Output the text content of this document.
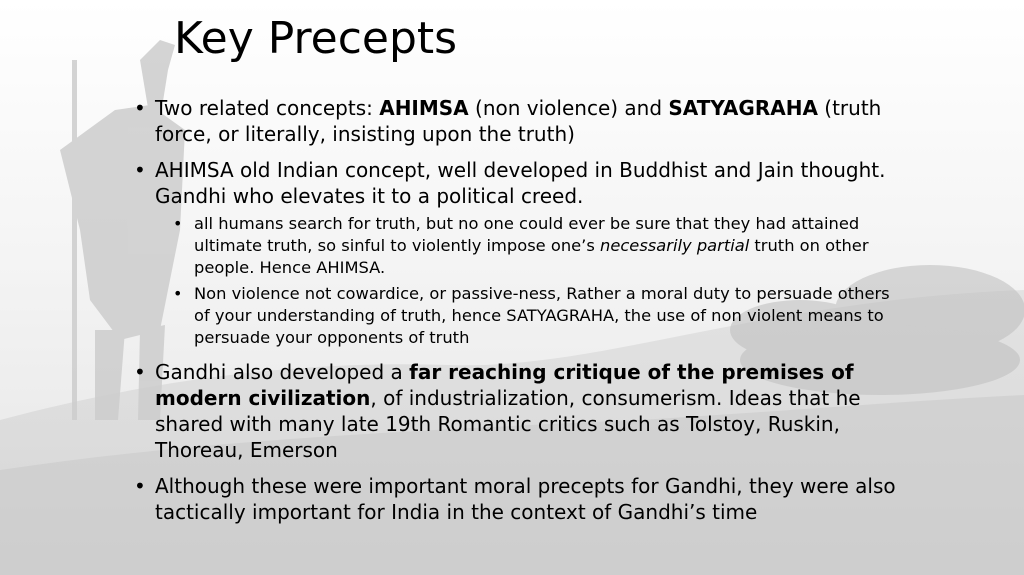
Key Precepts
• Two related concepts: AHIMSA (non violence) and SATYAGRAHA (truth force, or literally, insisting upon the truth)
• AHIMSA old Indian concept, well developed in Buddhist and Jain thought. Gandhi who elevates it to a political creed.
• all humans search for truth, but no one could ever be sure that they had attained ultimate truth, so sinful to violently impose one’s necessarily partial truth on other people. Hence AHIMSA.
• Non violence not cowardice, or passive-ness, Rather a moral duty to persuade others of your understanding of truth, hence SATYAGRAHA, the use of non violent means to persuade your opponents of truth
• Gandhi also developed a far reaching critique of the premises of modern civilization, of industrialization, consumerism. Ideas that he shared with many late 19th Romantic critics such as Tolstoy, Ruskin, Thoreau, Emerson
• Although these were important moral precepts for Gandhi, they were also tactically important for India in the context of Gandhi’s time
